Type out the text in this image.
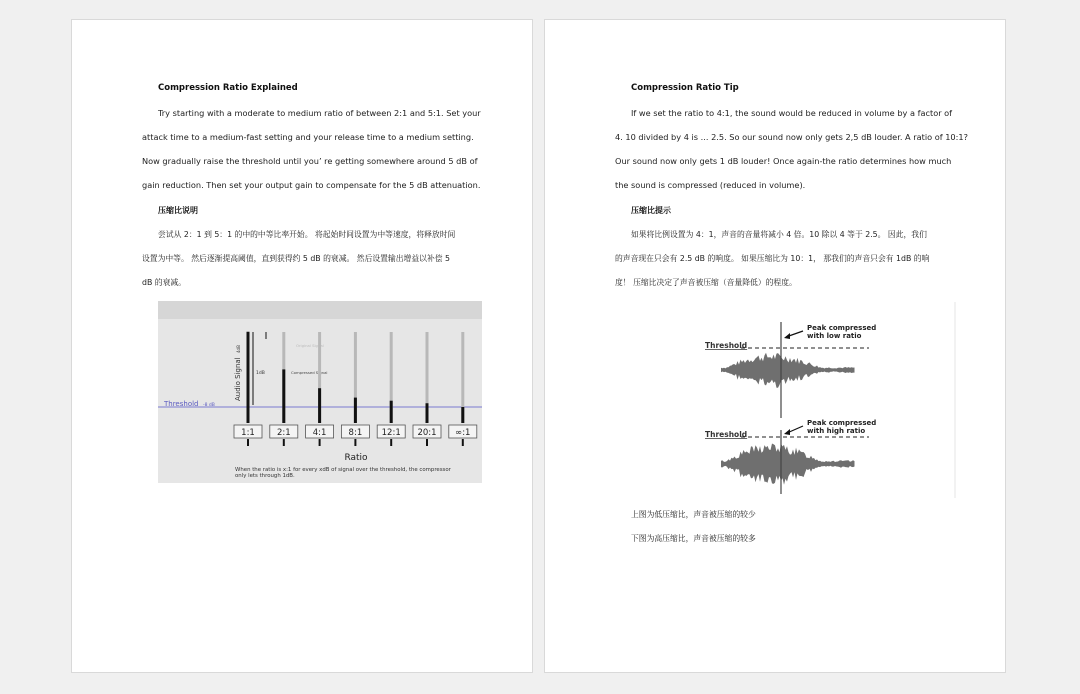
Compression Ratio Explained
Try starting with a moderate to medium ratio of between 2:1 and 5:1. Set your
attack time to a medium-fast setting and your release time to a medium setting.
Now gradually raise the threshold until you’ re getting somewhere around 5 dB of
gain reduction. Then set your output gain to compensate for the 5 dB attenuation.
压缩比说明
尝试从 2：1 到 5：1 的中的中等比率开始。 将起始时间设置为中等速度，将释放时间
设置为中等。 然后逐渐提高阈值，直到获得约 5 dB 的衰减。 然后设置输出增益以补偿 5
dB 的衰减。
Audio Signal
4dB
1dB
Original Signal
Compressed Signal
Threshold -8 dB
1:1	2:1	4:1	8:1 12:1 20:1 ∞:1
Ratio
When the ratio is x:1 for every xdB of signal over the threshold, the compressor
only lets through 1dB.
Compression Ratio Tip
If we set the ratio to 4:1, the sound would be reduced in volume by a factor of
4. 10 divided by 4 is ... 2.5. So our sound now only gets 2,5 dB louder. A ratio of 10:1?
Our sound now only gets 1 dB louder! Once again-the ratio determines how much
the sound is compressed (reduced in volume).
压缩比提示
如果将比例设置为 4：1，声音的音量将减小 4 倍。10 除以 4 等于 2.5。 因此，我们
的声音现在只会有 2.5 dB 的响度。 如果压缩比为 10：1， 那我们的声音只会有 1dB 的响
度！ 压缩比决定了声音被压缩（音量降低）的程度。
Threshold
Peak compressed
with low ratio
Threshold
Peak compressed
with high ratio
上图为低压缩比，声音被压缩的较少
下图为高压缩比，声音被压缩的较多
